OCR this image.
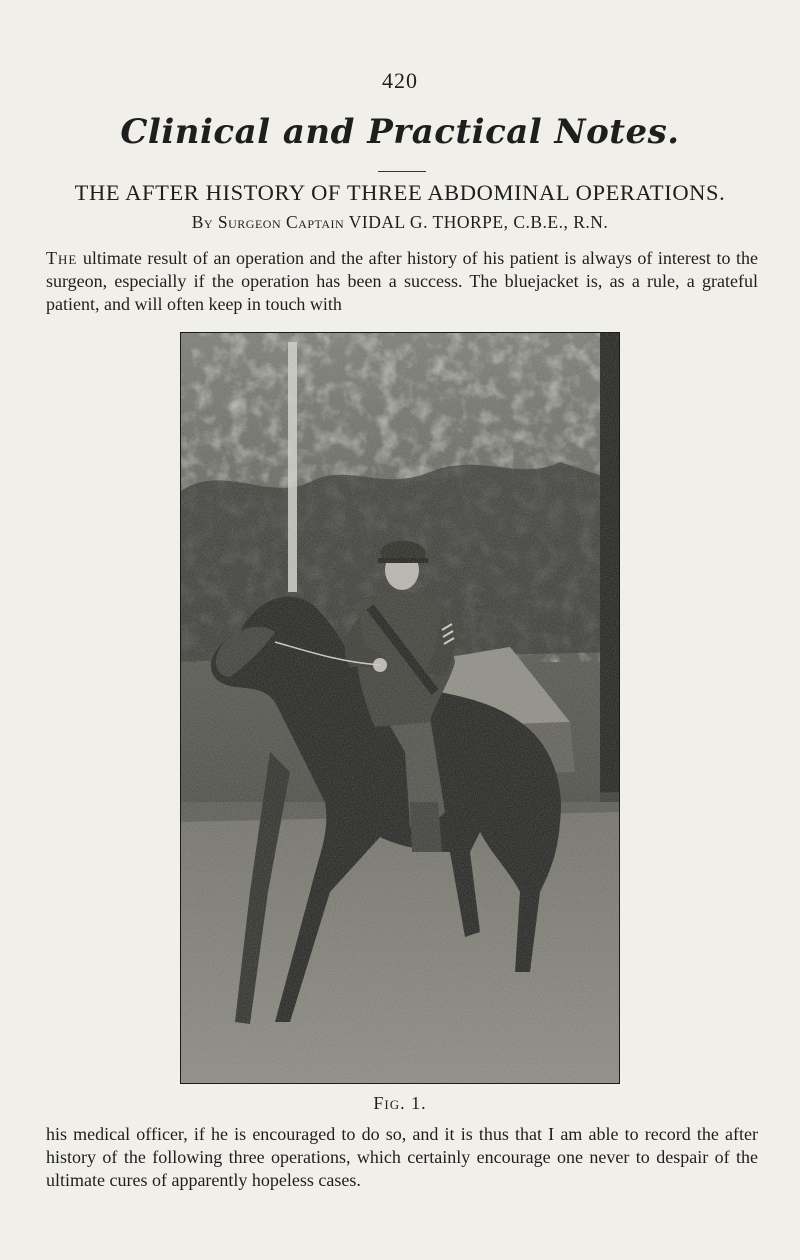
420
Clinical and Practical Notes.
THE AFTER HISTORY OF THREE ABDOMINAL OPERATIONS.
By Surgeon Captain VIDAL G. THORPE, C.B.E., R.N.
The ultimate result of an operation and the after history of his patient is always of interest to the surgeon, especially if the operation has been a success. The bluejacket is, as a rule, a grateful patient, and will often keep in touch with
Fig. 1.
his medical officer, if he is encouraged to do so, and it is thus that I am able to record the after history of the following three operations, which certainly encourage one never to despair of the ultimate cures of apparently hopeless cases.
